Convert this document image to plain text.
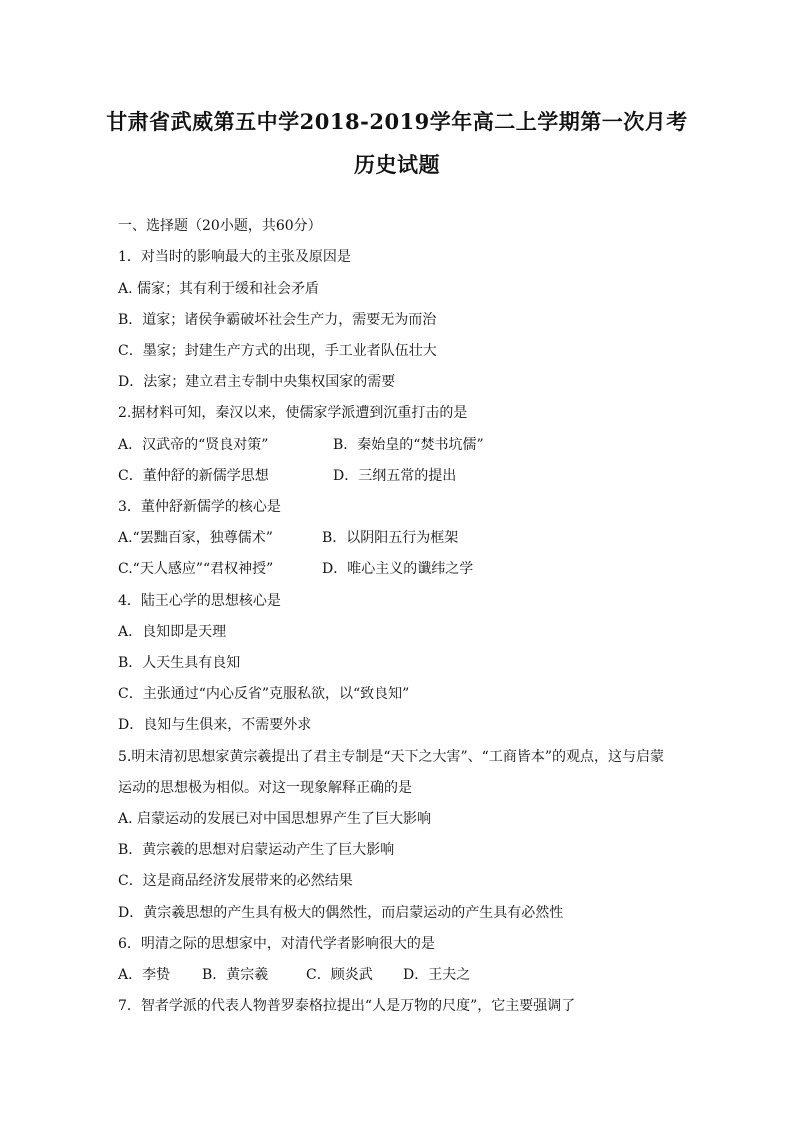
甘肃省武威第五中学2018-2019学年高二上学期第一次月考
历史试题
一、选择题（20小题，共60分）
1．对当时的影响最大的主张及原因是
A. 儒家；其有利于缓和社会矛盾
B．道家；诸侯争霸破坏社会生产力，需要无为而治
C．墨家；封建生产方式的出现，手工业者队伍壮大
D．法家；建立君主专制中央集权国家的需要
2.据材料可知，秦汉以来，使儒家学派遭到沉重打击的是
A．汉武帝的“贤良对策”	B．秦始皇的“焚书坑儒”
C．董仲舒的新儒学思想	D．三纲五常的提出
3．董仲舒新儒学的核心是
A.“罢黜百家，独尊儒术”	B．以阴阳五行为框架
C.“天人感应”“君权神授”	D．唯心主义的谶纬之学
4．陆王心学的思想核心是
A．良知即是天理
B．人天生具有良知
C．主张通过“内心反省”克服私欲，以“致良知”
D．良知与生俱来，不需要外求
5.明末清初思想家黄宗羲提出了君主专制是“天下之大害”、“工商皆本”的观点，这与启蒙
运动的思想极为相似。对这一现象解释正确的是
A. 启蒙运动的发展已对中国思想界产生了巨大影响
B．黄宗羲的思想对启蒙运动产生了巨大影响
C．这是商品经济发展带来的必然结果
D．黄宗羲思想的产生具有极大的偶然性，而启蒙运动的产生具有必然性
6．明清之际的思想家中，对清代学者影响很大的是
A．李贽 B．黄宗羲	C．顾炎武 D．王夫之
7．智者学派的代表人物普罗泰格拉提出“人是万物的尺度”，它主要强调了
